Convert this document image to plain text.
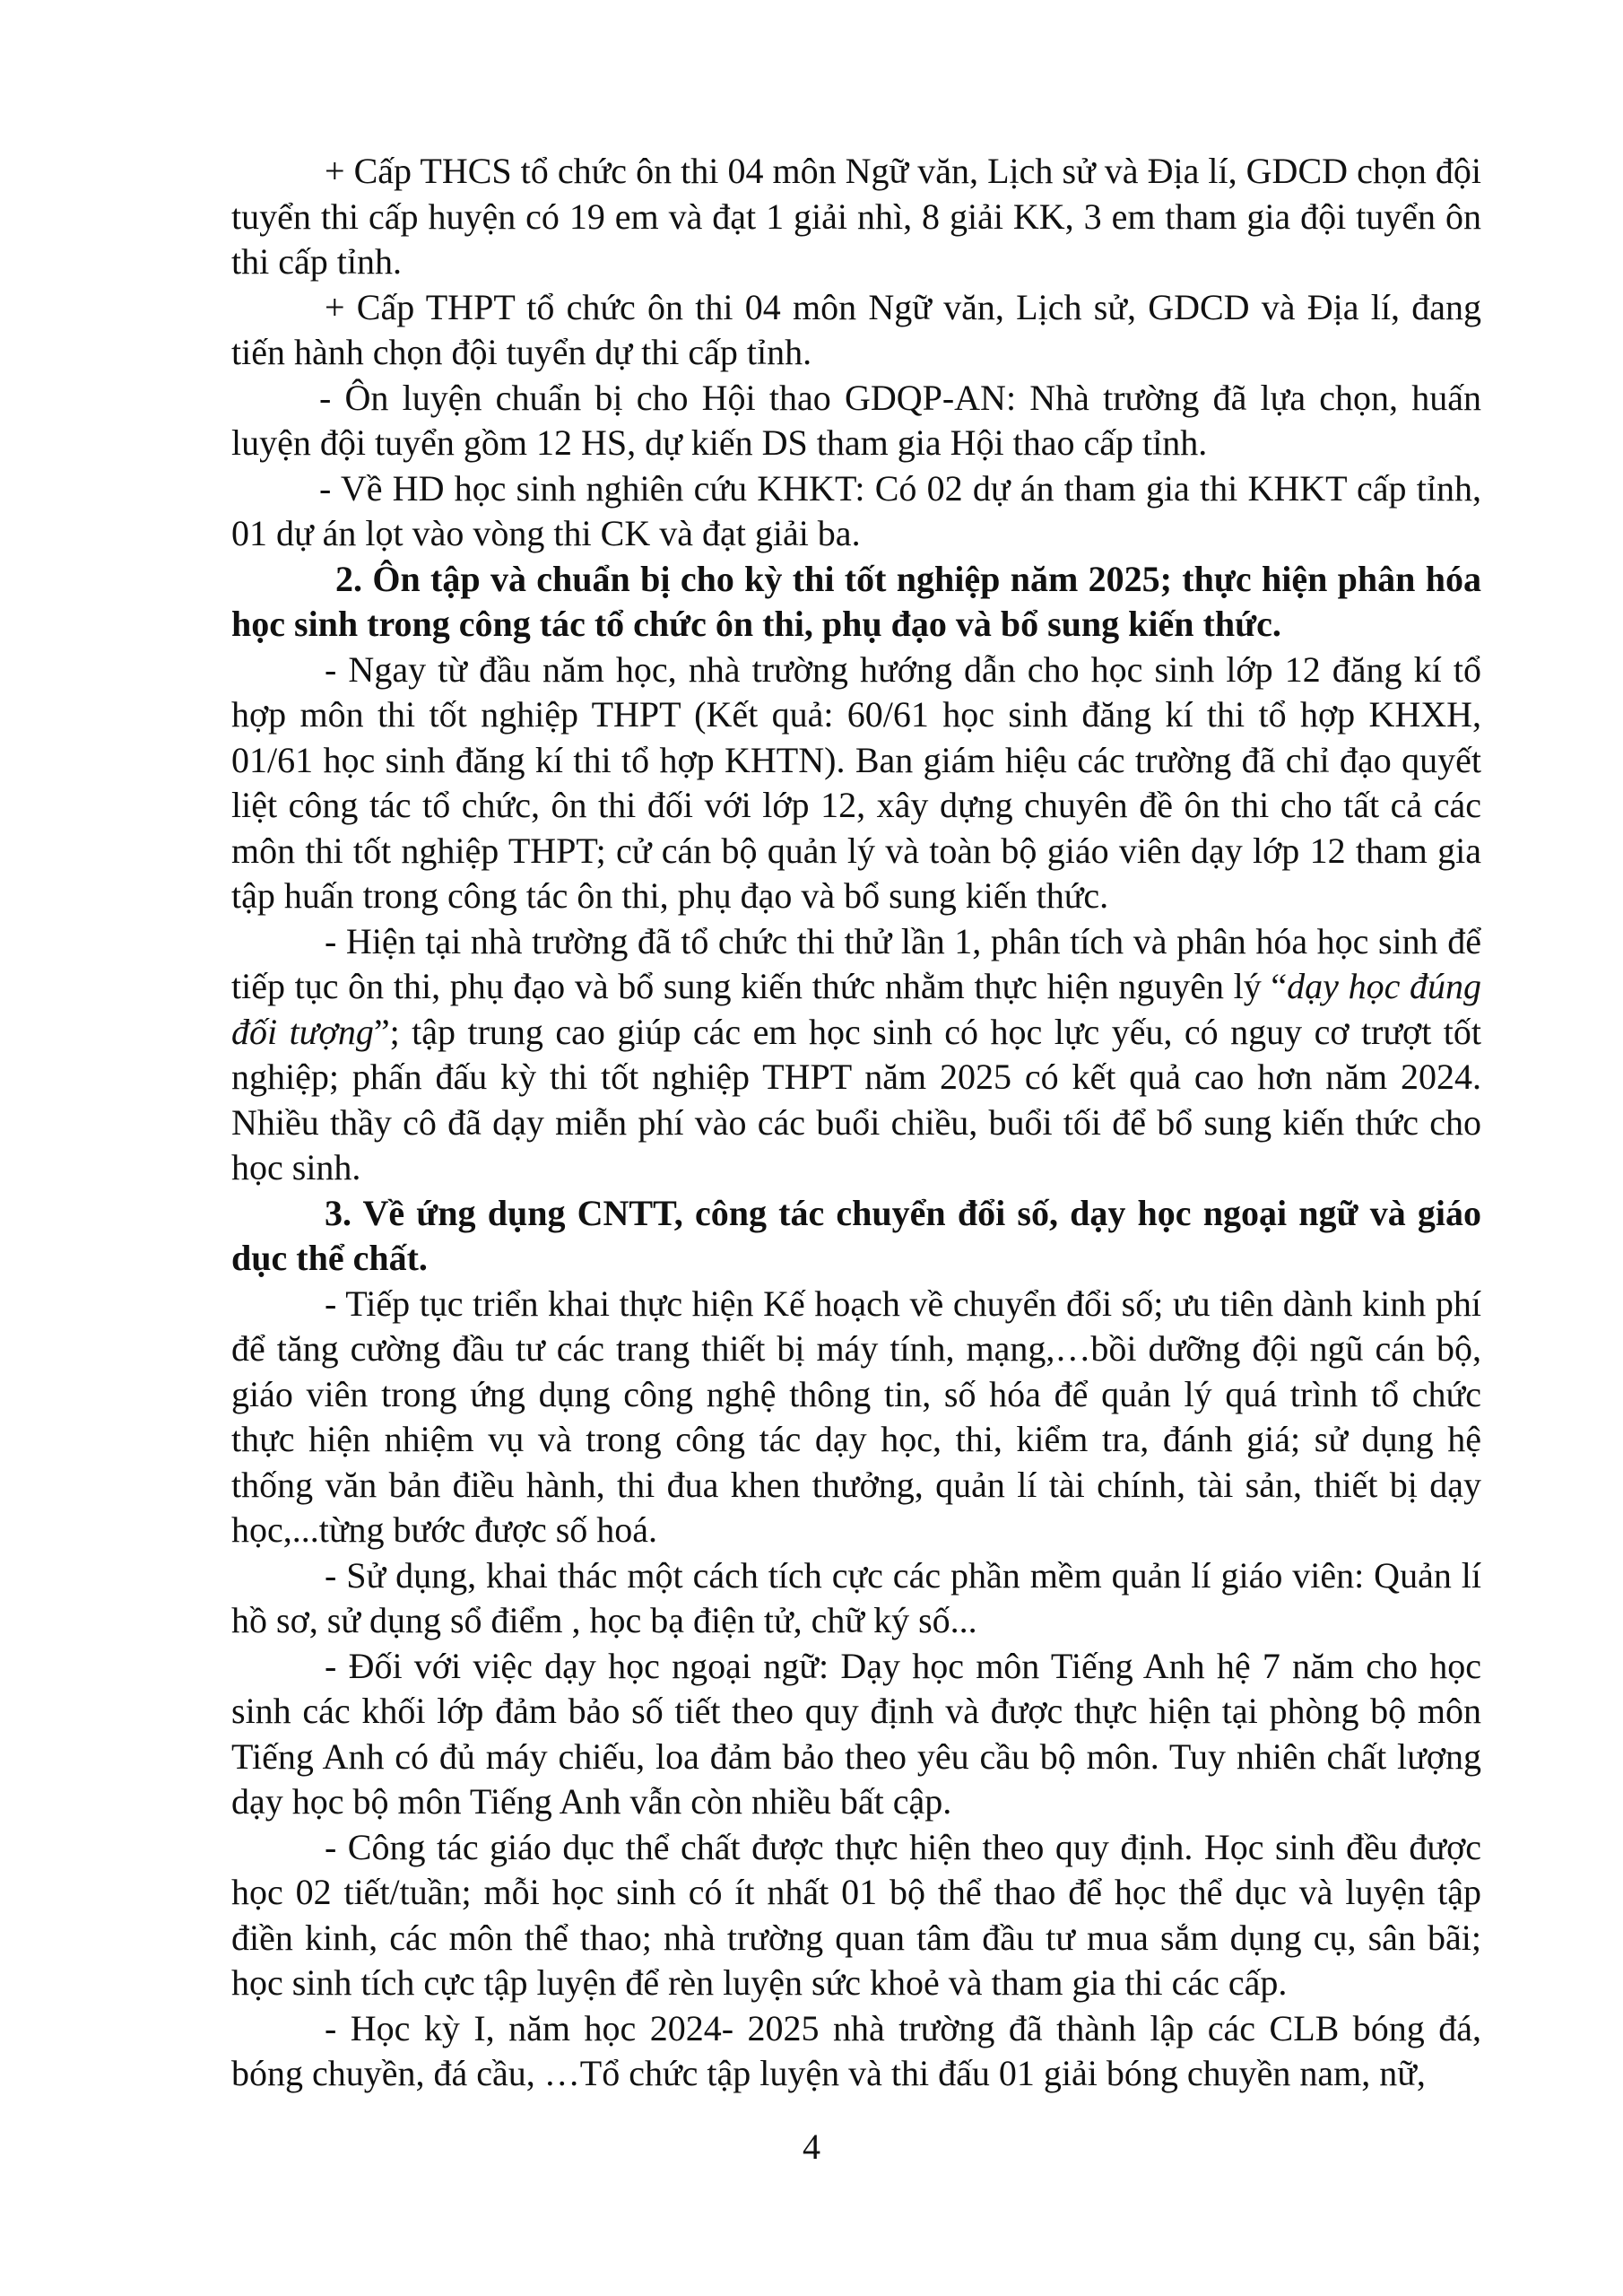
+ Cấp THCS tổ chức ôn thi 04 môn Ngữ văn, Lịch sử và Địa lí, GDCD chọn đội tuyển thi cấp huyện có 19 em và đạt 1 giải nhì, 8 giải KK, 3 em tham gia đội tuyển ôn thi cấp tỉnh.

+ Cấp THPT tổ chức ôn thi 04 môn Ngữ văn, Lịch sử, GDCD và Địa lí, đang tiến hành chọn đội tuyển dự thi cấp tỉnh.

- Ôn luyện chuẩn bị cho Hội thao GDQP-AN: Nhà trường đã lựa chọn, huấn luyện đội tuyển gồm 12 HS, dự kiến DS tham gia Hội thao cấp tỉnh.

- Về HD học sinh nghiên cứu KHKT: Có 02 dự án tham gia thi KHKT cấp tỉnh, 01 dự án lọt vào vòng thi CK và đạt giải ba.

2. Ôn tập và chuẩn bị cho kỳ thi tốt nghiệp năm 2025; thực hiện phân hóa học sinh trong công tác tổ chức ôn thi, phụ đạo và bổ sung kiến thức.

- Ngay từ đầu năm học, nhà trường hướng dẫn cho học sinh lớp 12 đăng kí tổ hợp môn thi tốt nghiệp THPT (Kết quả: 60/61 học sinh đăng kí thi tổ hợp KHXH, 01/61 học sinh đăng kí thi tổ hợp KHTN). Ban giám hiệu các trường đã chỉ đạo quyết liệt công tác tổ chức, ôn thi đối với lớp 12, xây dựng chuyên đề ôn thi cho tất cả các môn thi tốt nghiệp THPT; cử cán bộ quản lý và toàn bộ giáo viên dạy lớp 12 tham gia tập huấn trong công tác ôn thi, phụ đạo và bổ sung kiến thức.

- Hiện tại nhà trường đã tổ chức thi thử lần 1, phân tích và phân hóa học sinh để tiếp tục ôn thi, phụ đạo và bổ sung kiến thức nhằm thực hiện nguyên lý “dạy học đúng đối tượng”; tập trung cao giúp các em học sinh có học lực yếu, có nguy cơ trượt tốt nghiệp; phấn đấu kỳ thi tốt nghiệp THPT năm 2025 có kết quả cao hơn năm 2024. Nhiều thầy cô đã dạy miễn phí vào các buổi chiều, buổi tối để bổ sung kiến thức cho học sinh.

3. Về ứng dụng CNTT, công tác chuyển đổi số, dạy học ngoại ngữ và giáo dục thể chất.

- Tiếp tục triển khai thực hiện Kế hoạch về chuyển đổi số; ưu tiên dành kinh phí để tăng cường đầu tư các trang thiết bị máy tính, mạng,…bồi dưỡng đội ngũ cán bộ, giáo viên trong ứng dụng công nghệ thông tin, số hóa để quản lý quá trình tổ chức thực hiện nhiệm vụ và trong công tác dạy học, thi, kiểm tra, đánh giá; sử dụng hệ thống văn bản điều hành, thi đua khen thưởng, quản lí tài chính, tài sản, thiết bị dạy học,...từng bước được số hoá.

- Sử dụng, khai thác một cách tích cực các phần mềm quản lí giáo viên: Quản lí hồ sơ, sử dụng sổ điểm , học bạ điện tử, chữ ký số...

- Đối với việc dạy học ngoại ngữ: Dạy học môn Tiếng Anh hệ 7 năm cho học sinh các khối lớp đảm bảo số tiết theo quy định và được thực hiện tại phòng bộ môn Tiếng Anh có đủ máy chiếu, loa đảm bảo theo yêu cầu bộ môn. Tuy nhiên chất lượng dạy học bộ môn Tiếng Anh vẫn còn nhiều bất cập.

- Công tác giáo dục thể chất được thực hiện theo quy định. Học sinh đều được học 02 tiết/tuần; mỗi học sinh có ít nhất 01 bộ thể thao để học thể dục và luyện tập điền kinh, các môn thể thao; nhà trường quan tâm đầu tư mua sắm dụng cụ, sân bãi; học sinh tích cực tập luyện để rèn luyện sức khoẻ và tham gia thi các cấp.

- Học kỳ I, năm học 2024- 2025 nhà trường đã thành lập các CLB bóng đá, bóng chuyền, đá cầu, …Tổ chức tập luyện và thi đấu 01 giải bóng chuyền nam, nữ,

4
